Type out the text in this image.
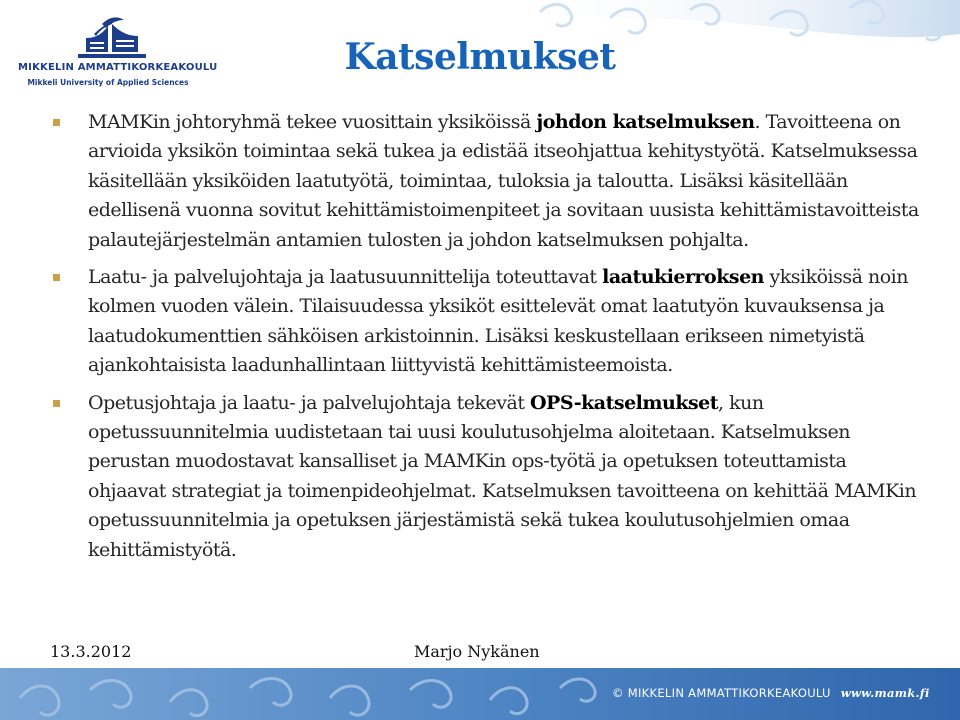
MIKKELIN AMMATTIKORKEAKOULU
Mikkeli University of Applied Sciences
Katselmukset
MAMKin johtoryhmä tekee vuosittain yksiköissä johdon katselmuksen. Tavoitteena on arvioida yksikön toimintaa sekä tukea ja edistää itseohjattua kehitystyötä. Katselmuksessa käsitellään yksiköiden laatutyötä, toimintaa, tuloksia ja taloutta. Lisäksi käsitellään edellisenä vuonna sovitut kehittämistoimenpiteet ja sovitaan uusista kehittämistavoitteista palautejärjestelmän antamien tulosten ja johdon katselmuksen pohjalta.
Laatu- ja palvelujohtaja ja laatusuunnittelija toteuttavat laatukierroksen yksiköissä noin kolmen vuoden välein. Tilaisuudessa yksiköt esittelevät omat laatutyön kuvauksensa ja laatudokumenttien sähköisen arkistoinnin. Lisäksi keskustellaan erikseen nimetyistä ajankohtaisista laadunhallintaan liittyvistä kehittämisteemoista.
Opetusjohtaja ja laatu- ja palvelujohtaja tekevät OPS-katselmukset, kun opetussuunnitelmia uudistetaan tai uusi koulutusohjelma aloitetaan. Katselmuksen perustan muodostavat kansalliset ja MAMKin ops-työtä ja opetuksen toteuttamista ohjaavat strategiat ja toimenpideohjelmat. Katselmuksen tavoitteena on kehittää MAMKin opetussuunnitelmia ja opetuksen järjestämistä sekä tukea koulutusohjelmien omaa kehittämistyötä.
13.3.2012	Marjo Nykänen
© MIKKELIN AMMATTIKORKEAKOULU www.mamk.fi
